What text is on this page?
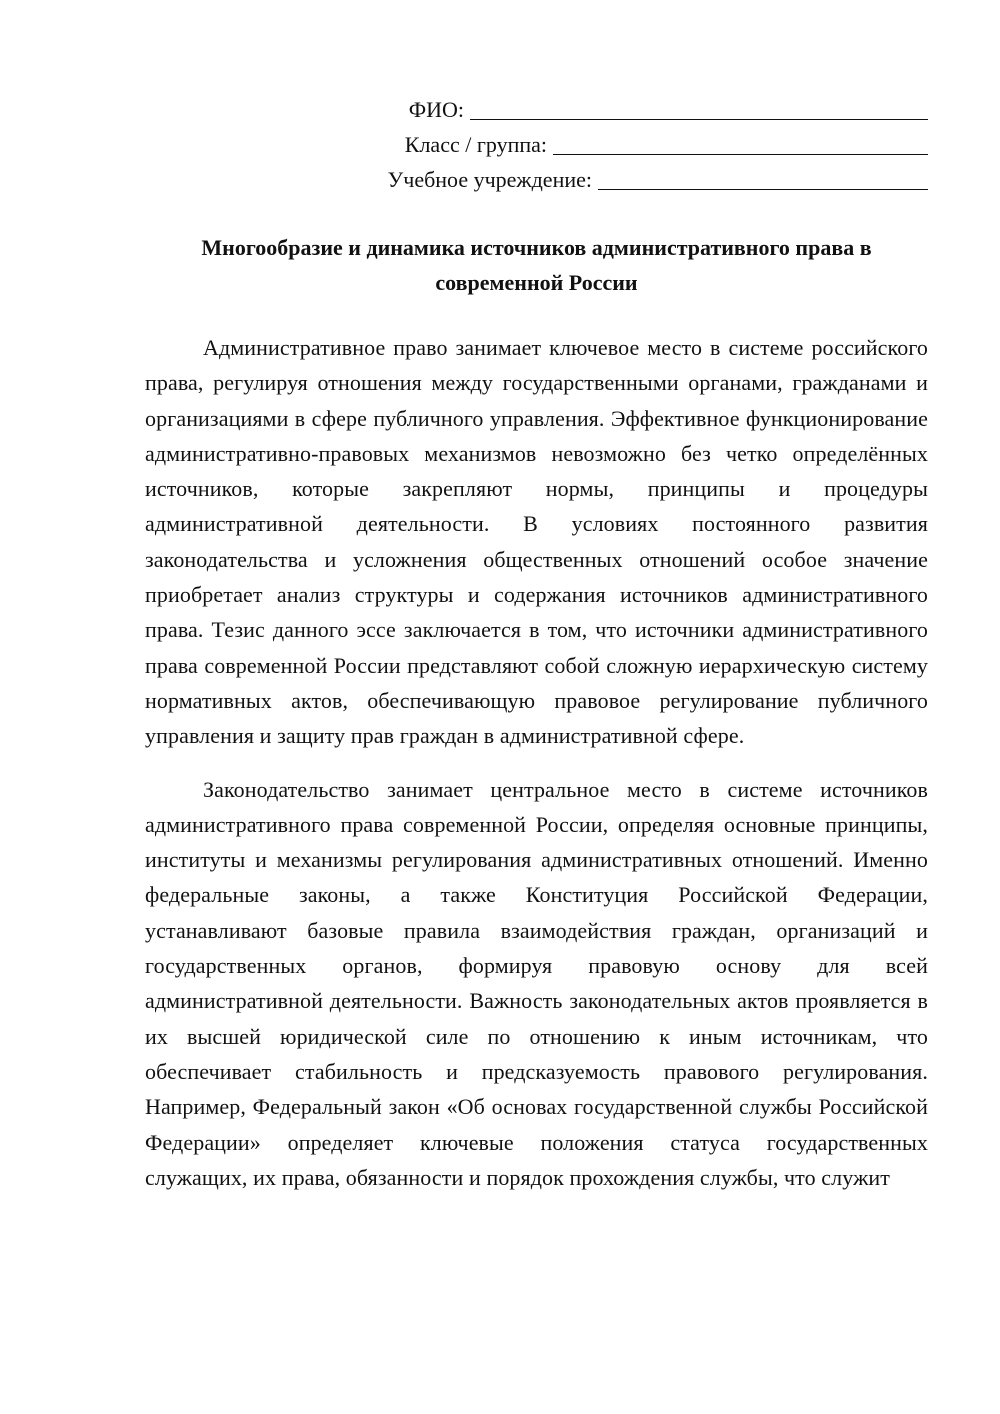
ФИО:
Класс / группа:
Учебное учреждение:
Многообразие и динамика источников административного права в современной России

Административное право занимает ключевое место в системе российского права, регулируя отношения между государственными органами, гражданами и организациями в сфере публичного управления. Эффективное функционирование административно-правовых механизмов невозможно без четко определённых источников, которые закрепляют нормы, принципы и процедуры административной деятельности. В условиях постоянного развития законодательства и усложнения общественных отношений особое значение приобретает анализ структуры и содержания источников административного права. Тезис данного эссе заключается в том, что источники административного права современной России представляют собой сложную иерархическую систему нормативных актов, обеспечивающую правовое регулирование публичного управления и защиту прав граждан в административной сфере.

Законодательство занимает центральное место в системе источников административного права современной России, определяя основные принципы, институты и механизмы регулирования административных отношений. Именно федеральные законы, а также Конституция Российской Федерации, устанавливают базовые правила взаимодействия граждан, организаций и государственных органов, формируя правовую основу для всей административной деятельности. Важность законодательных актов проявляется в их высшей юридической силе по отношению к иным источникам, что обеспечивает стабильность и предсказуемость правового регулирования. Например, Федеральный закон «Об основах государственной службы Российской Федерации» определяет ключевые положения статуса государственных служащих, их права, обязанности и порядок прохождения службы, что служит
